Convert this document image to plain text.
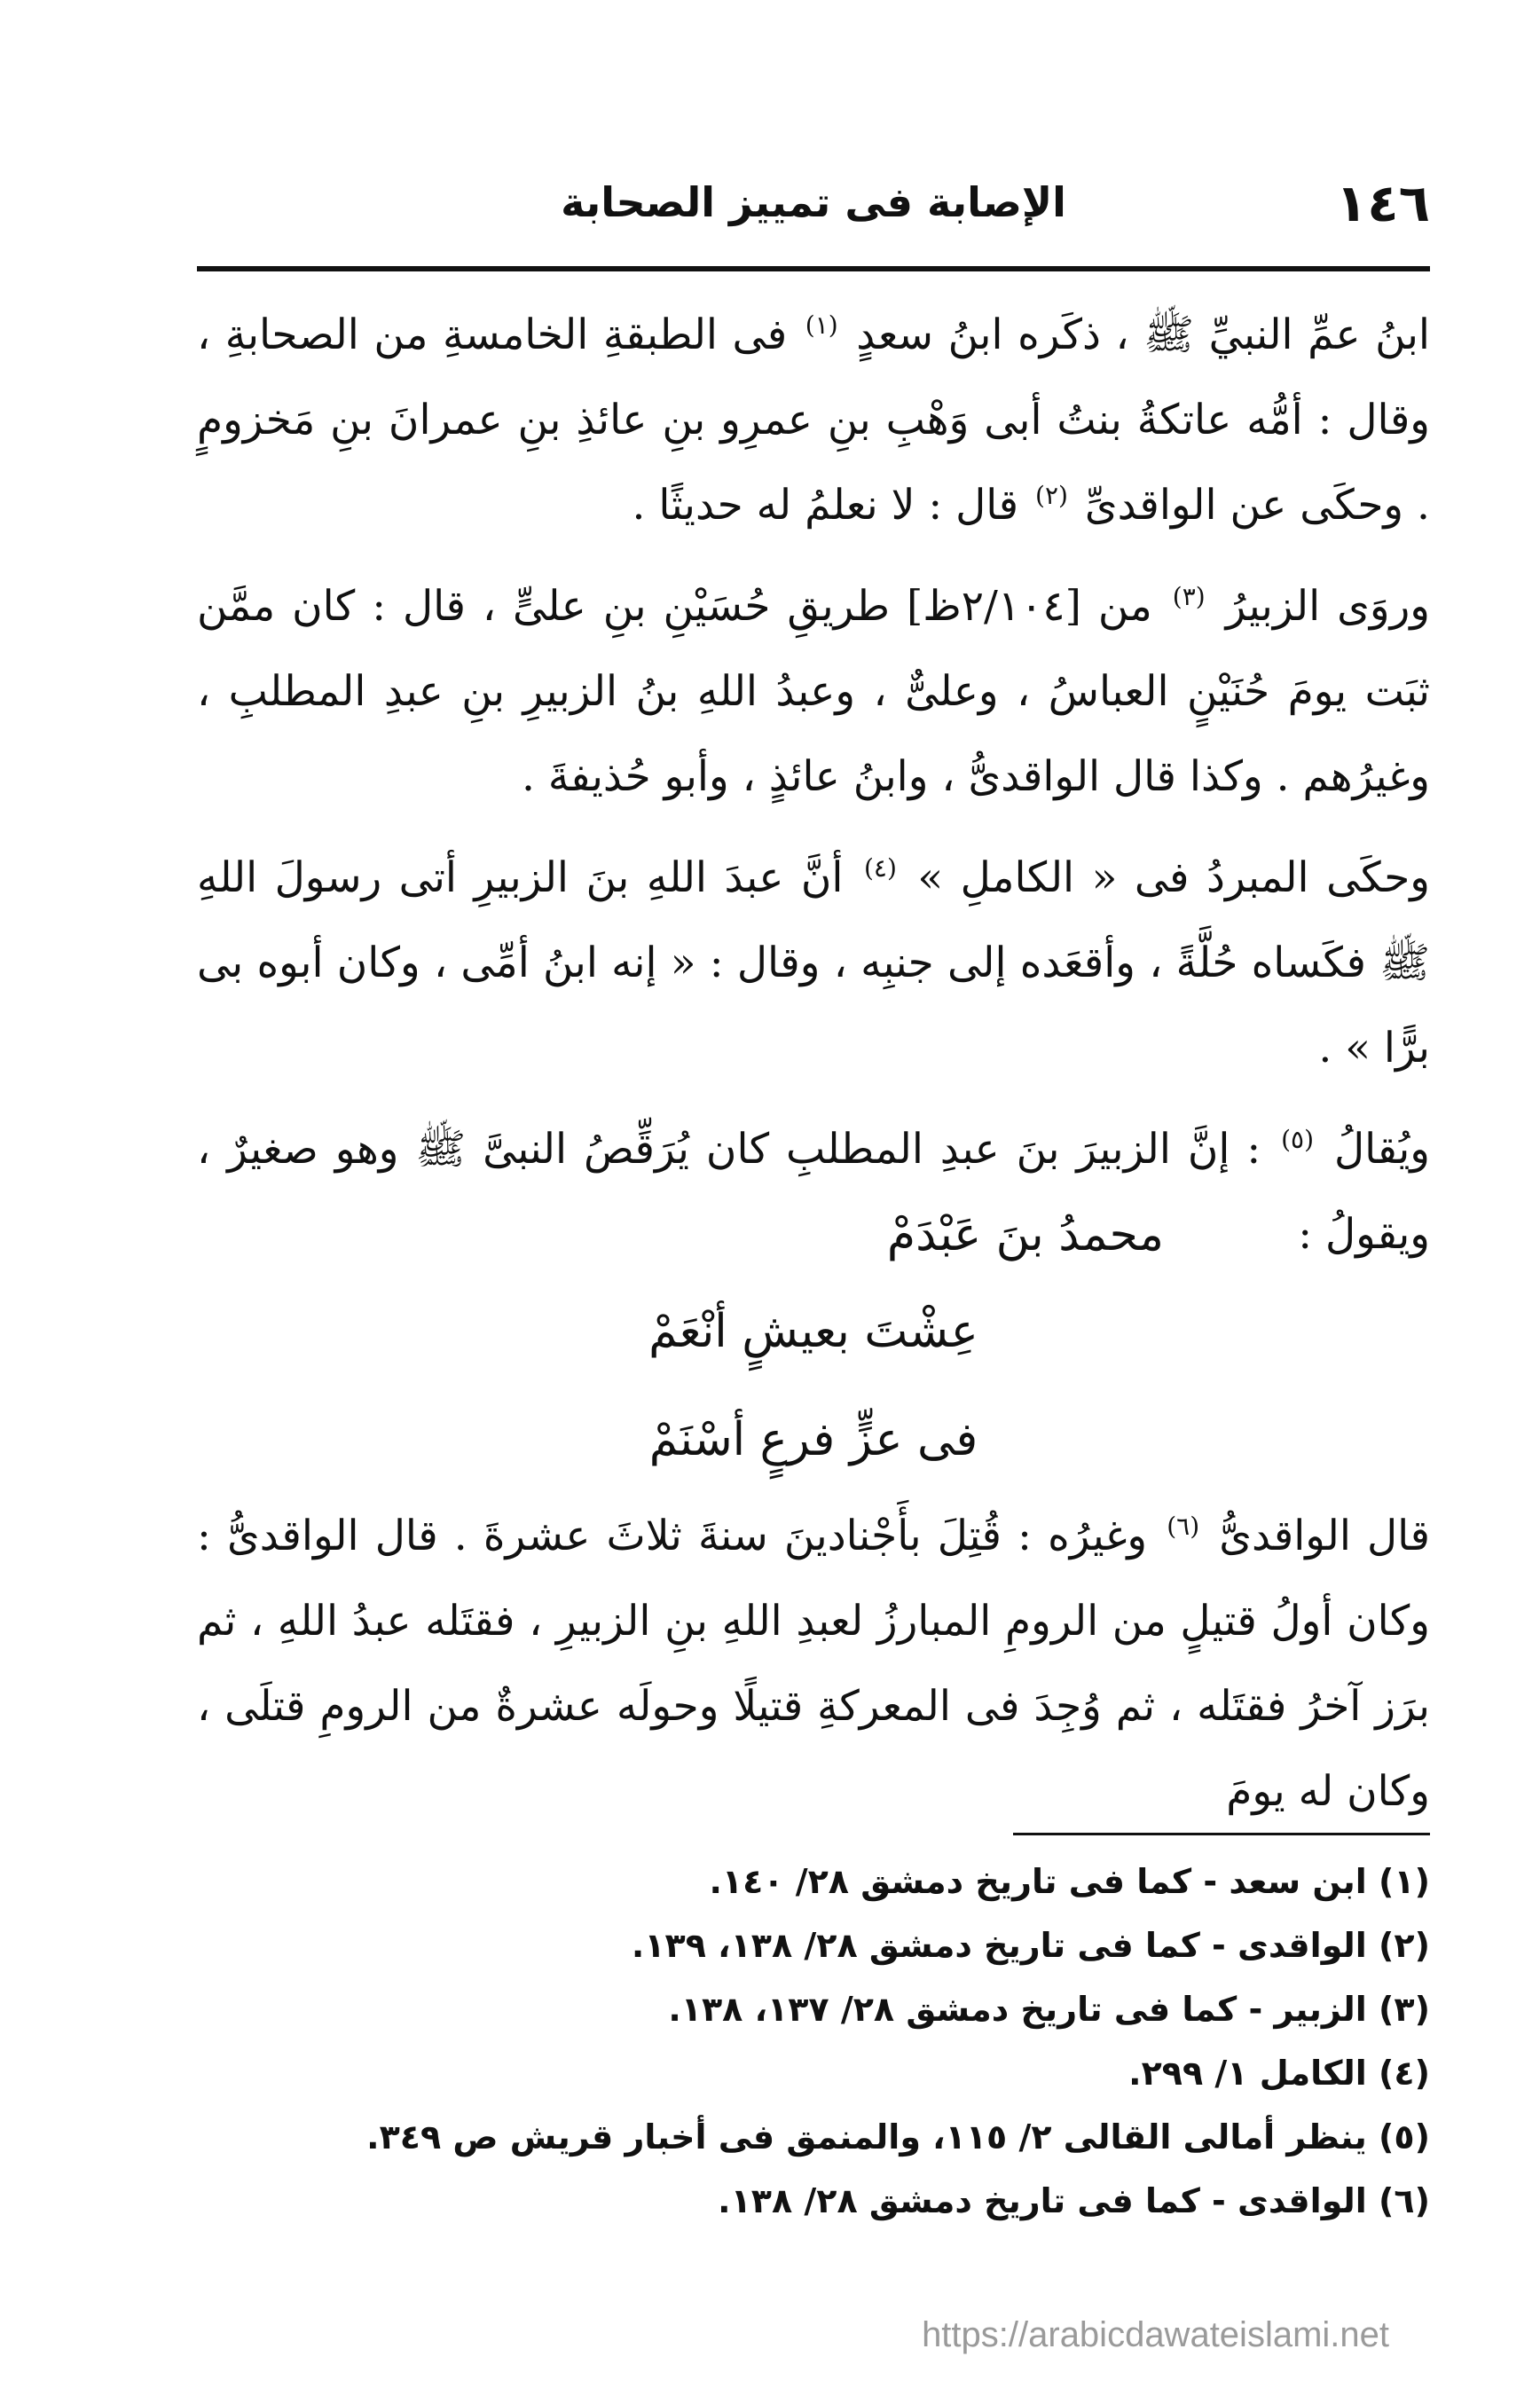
١٤٦
الإصابة فى تمييز الصحابة

ابنُ عمِّ النبيِّ ﷺ ، ذكَره ابنُ سعدٍ $^{(١)}$ فى الطبقةِ الخامسةِ من الصحابةِ ، وقال : أمُّه عاتكةُ بنتُ أبى وَهْبِ بنِ عمرِو بنِ عائذِ بنِ عمرانَ بنِ مَخزومٍ . وحكَى عن الواقدىِّ $^{(٢)}$ قال : لا نعلمُ له حديثًا .

وروَى الزبيرُ $^{(٣)}$ من [٢/١٠٤ظ] طريقِ حُسَيْنِ بنِ علىٍّ ، قال : كان ممَّن ثبَت يومَ حُنَيْنٍ العباسُ ، وعلىٌّ ، وعبدُ اللهِ بنُ الزبيرِ بنِ عبدِ المطلبِ ، وغيرُهم . وكذا قال الواقدىُّ ، وابنُ عائذٍ ، وأبو حُذيفةَ .

وحكَى المبردُ فى « الكاملِ » $^{(٤)}$ أنَّ عبدَ اللهِ بنَ الزبيرِ أتى رسولَ اللهِ ﷺ فكَساه حُلَّةً ، وأقعَده إلى جنبِه ، وقال : « إنه ابنُ أمِّى ، وكان أبوه بى برًّا » .

ويُقالُ $^{(٥)}$ : إنَّ الزبيرَ بنَ عبدِ المطلبِ كان يُرَقِّصُ النبىَّ ﷺ وهو صغيرٌ ، ويقولُ :

محمدُ بنَ عَبْدَمْ

عِشْتَ بعيشٍ أنْعَمْ

فى عزٍّ فرعٍ أسْنَمْ

قال الواقدىُّ $^{(٦)}$ وغيرُه : قُتِلَ بأَجْنادينَ سنةَ ثلاثَ عشرةَ . قال الواقدىُّ : وكان أولُ قتيلٍ من الرومِ المبارزُ لعبدِ اللهِ بنِ الزبيرِ ، فقتَله عبدُ اللهِ ، ثم برَز آخرُ فقتَله ، ثم وُجِدَ فى المعركةِ قتيلًا وحولَه عشرةٌ من الرومِ قتلَى ، وكان له يومَ

(١) ابن سعد - كما فى تاريخ دمشق ٢٨/ ١٤٠.

(٢) الواقدى - كما فى تاريخ دمشق ٢٨/ ١٣٨، ١٣٩.

(٣) الزبير - كما فى تاريخ دمشق ٢٨/ ١٣٧، ١٣٨.

(٤) الكامل ١/ ٢٩٩.

(٥) ينظر أمالى القالى ٢/ ١١٥، والمنمق فى أخبار قريش ص ٣٤٩.

(٦) الواقدى - كما فى تاريخ دمشق ٢٨/ ١٣٨.

https://arabicdawateislami.net
